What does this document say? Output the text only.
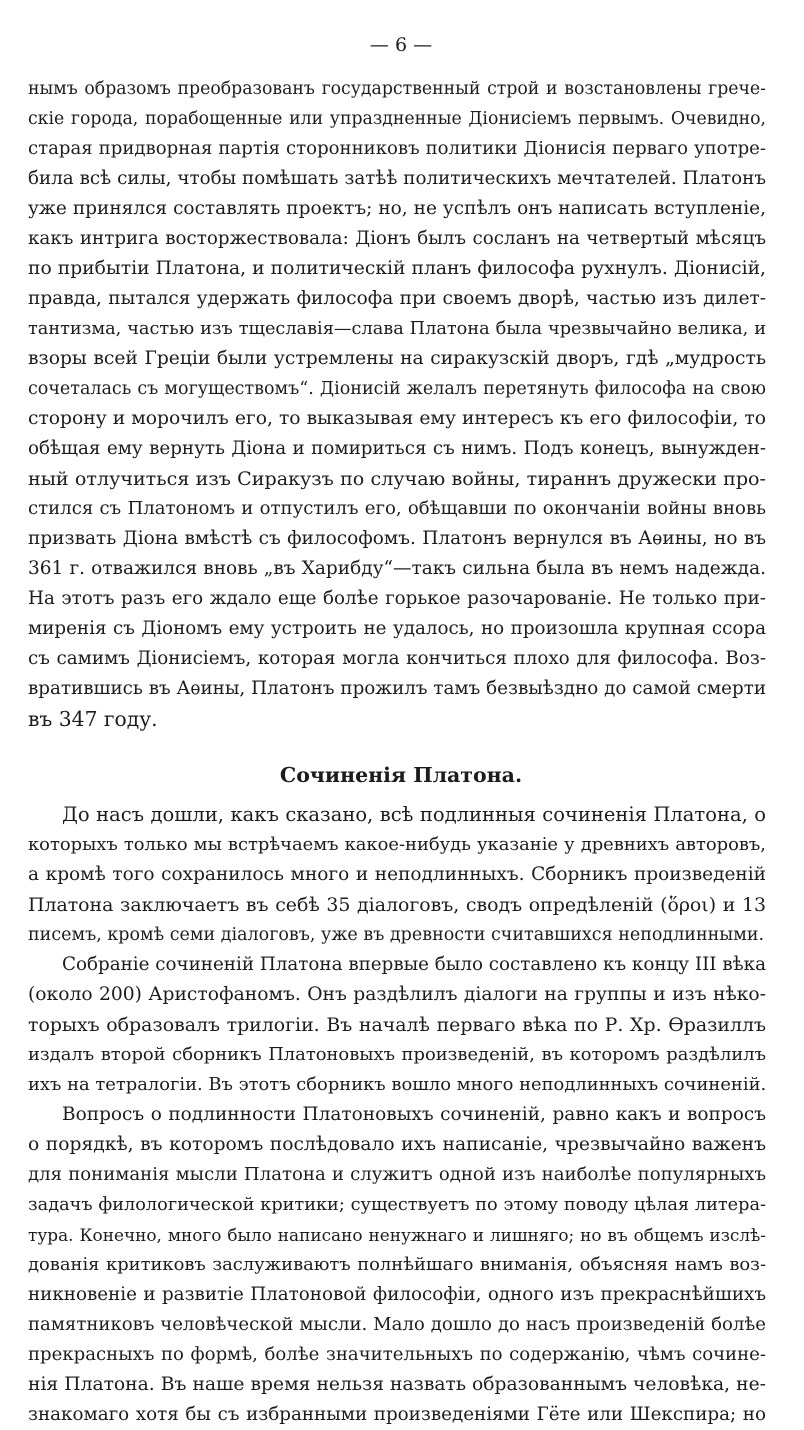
— 6 —
нымъ образомъ преобразованъ государственный строй и возстановлены грече-
скіе города, порабощенные или упраздненные Діонисіемъ первымъ. Очевидно,
старая придворная партія сторонниковъ политики Діонисія перваго употре-
била всѣ силы, чтобы помѣшать затѣѣ политическихъ мечтателей. Платонъ
уже принялся составлять проектъ; но, не успѣлъ онъ написать вступленіе,
какъ интрига восторжествовала: Діонъ былъ сосланъ на четвертый мѣсяцъ
по прибытіи Платона, и политическій планъ философа рухнулъ. Діонисій,
правда, пытался удержать философа при своемъ дворѣ, частью изъ дилет-
тантизма, частью изъ тщеславія—слава Платона была чрезвычайно велика, и
взоры всей Греціи были устремлены на сиракузскій дворъ, гдѣ „мудрость
сочеталась съ могуществомъ“. Діонисій желалъ перетянуть философа на свою
сторону и морочилъ его, то выказывая ему интересъ къ его философіи, то
обѣщая ему вернуть Діона и помириться съ нимъ. Подъ конецъ, вынужден-
ный отлучиться изъ Сиракузъ по случаю войны, тираннъ дружески про-
стился съ Платономъ и отпустилъ его, обѣщавши по окончаніи войны вновь
призвать Діона вмѣстѣ съ философомъ. Платонъ вернулся въ Аѳины, но въ
361 г. отважился вновь „въ Харибду“—такъ сильна была въ немъ надежда.
На этотъ разъ его ждало еще болѣе горькое разочарованіе. Не только при-
миренія съ Діономъ ему устроить не удалось, но произошла крупная ссора
съ самимъ Діонисіемъ, которая могла кончиться плохо для философа. Воз-
вратившись въ Аѳины, Платонъ прожилъ тамъ безвыѣздно до самой смерти
въ 347 году.
Сочиненія Платона.
До насъ дошли, какъ сказано, всѣ подлинныя сочиненія Платона, о
которыхъ только мы встрѣчаемъ какое-нибудь указаніе у древнихъ авторовъ,
а кромѣ того сохранилось много и неподлинныхъ. Сборникъ произведеній
Платона заключаетъ въ себѣ 35 діалоговъ, сводъ опредѣленій (ὅροι) и 13
писемъ, кромѣ семи діалоговъ, уже въ древности считавшихся неподлинными.
Собраніе сочиненій Платона впервые было составлено къ концу III вѣка
(около 200) Аристофаномъ. Онъ раздѣлилъ діалоги на группы и изъ нѣко-
торыхъ образовалъ трилогіи. Въ началѣ перваго вѣка по Р. Хр. Ѳразиллъ
издалъ второй сборникъ Платоновыхъ произведеній, въ которомъ раздѣлилъ
ихъ на тетралогіи. Въ этотъ сборникъ вошло много неподлинныхъ сочиненій.
Вопросъ о подлинности Платоновыхъ сочиненій, равно какъ и вопросъ
о порядкѣ, въ которомъ послѣдовало ихъ написаніе, чрезвычайно важенъ
для пониманія мысли Платона и служитъ одной изъ наиболѣе популярныхъ
задачъ филологической критики; существуетъ по этому поводу цѣлая литера-
тура. Конечно, много было написано ненужнаго и лишняго; но въ общемъ изслѣ-
дованія критиковъ заслуживаютъ полнѣйшаго вниманія, объясняя намъ воз-
никновеніе и развитіе Платоновой философіи, одного изъ прекраснѣйшихъ
памятниковъ человѣческой мысли. Мало дошло до насъ произведеній болѣе
прекрасныхъ по формѣ, болѣе значительныхъ по содержанію, чѣмъ сочине-
нія Платона. Въ наше время нельзя назвать образованнымъ человѣка, не-
знакомаго хотя бы съ избранными произведеніями Гёте или Шекспира; но
